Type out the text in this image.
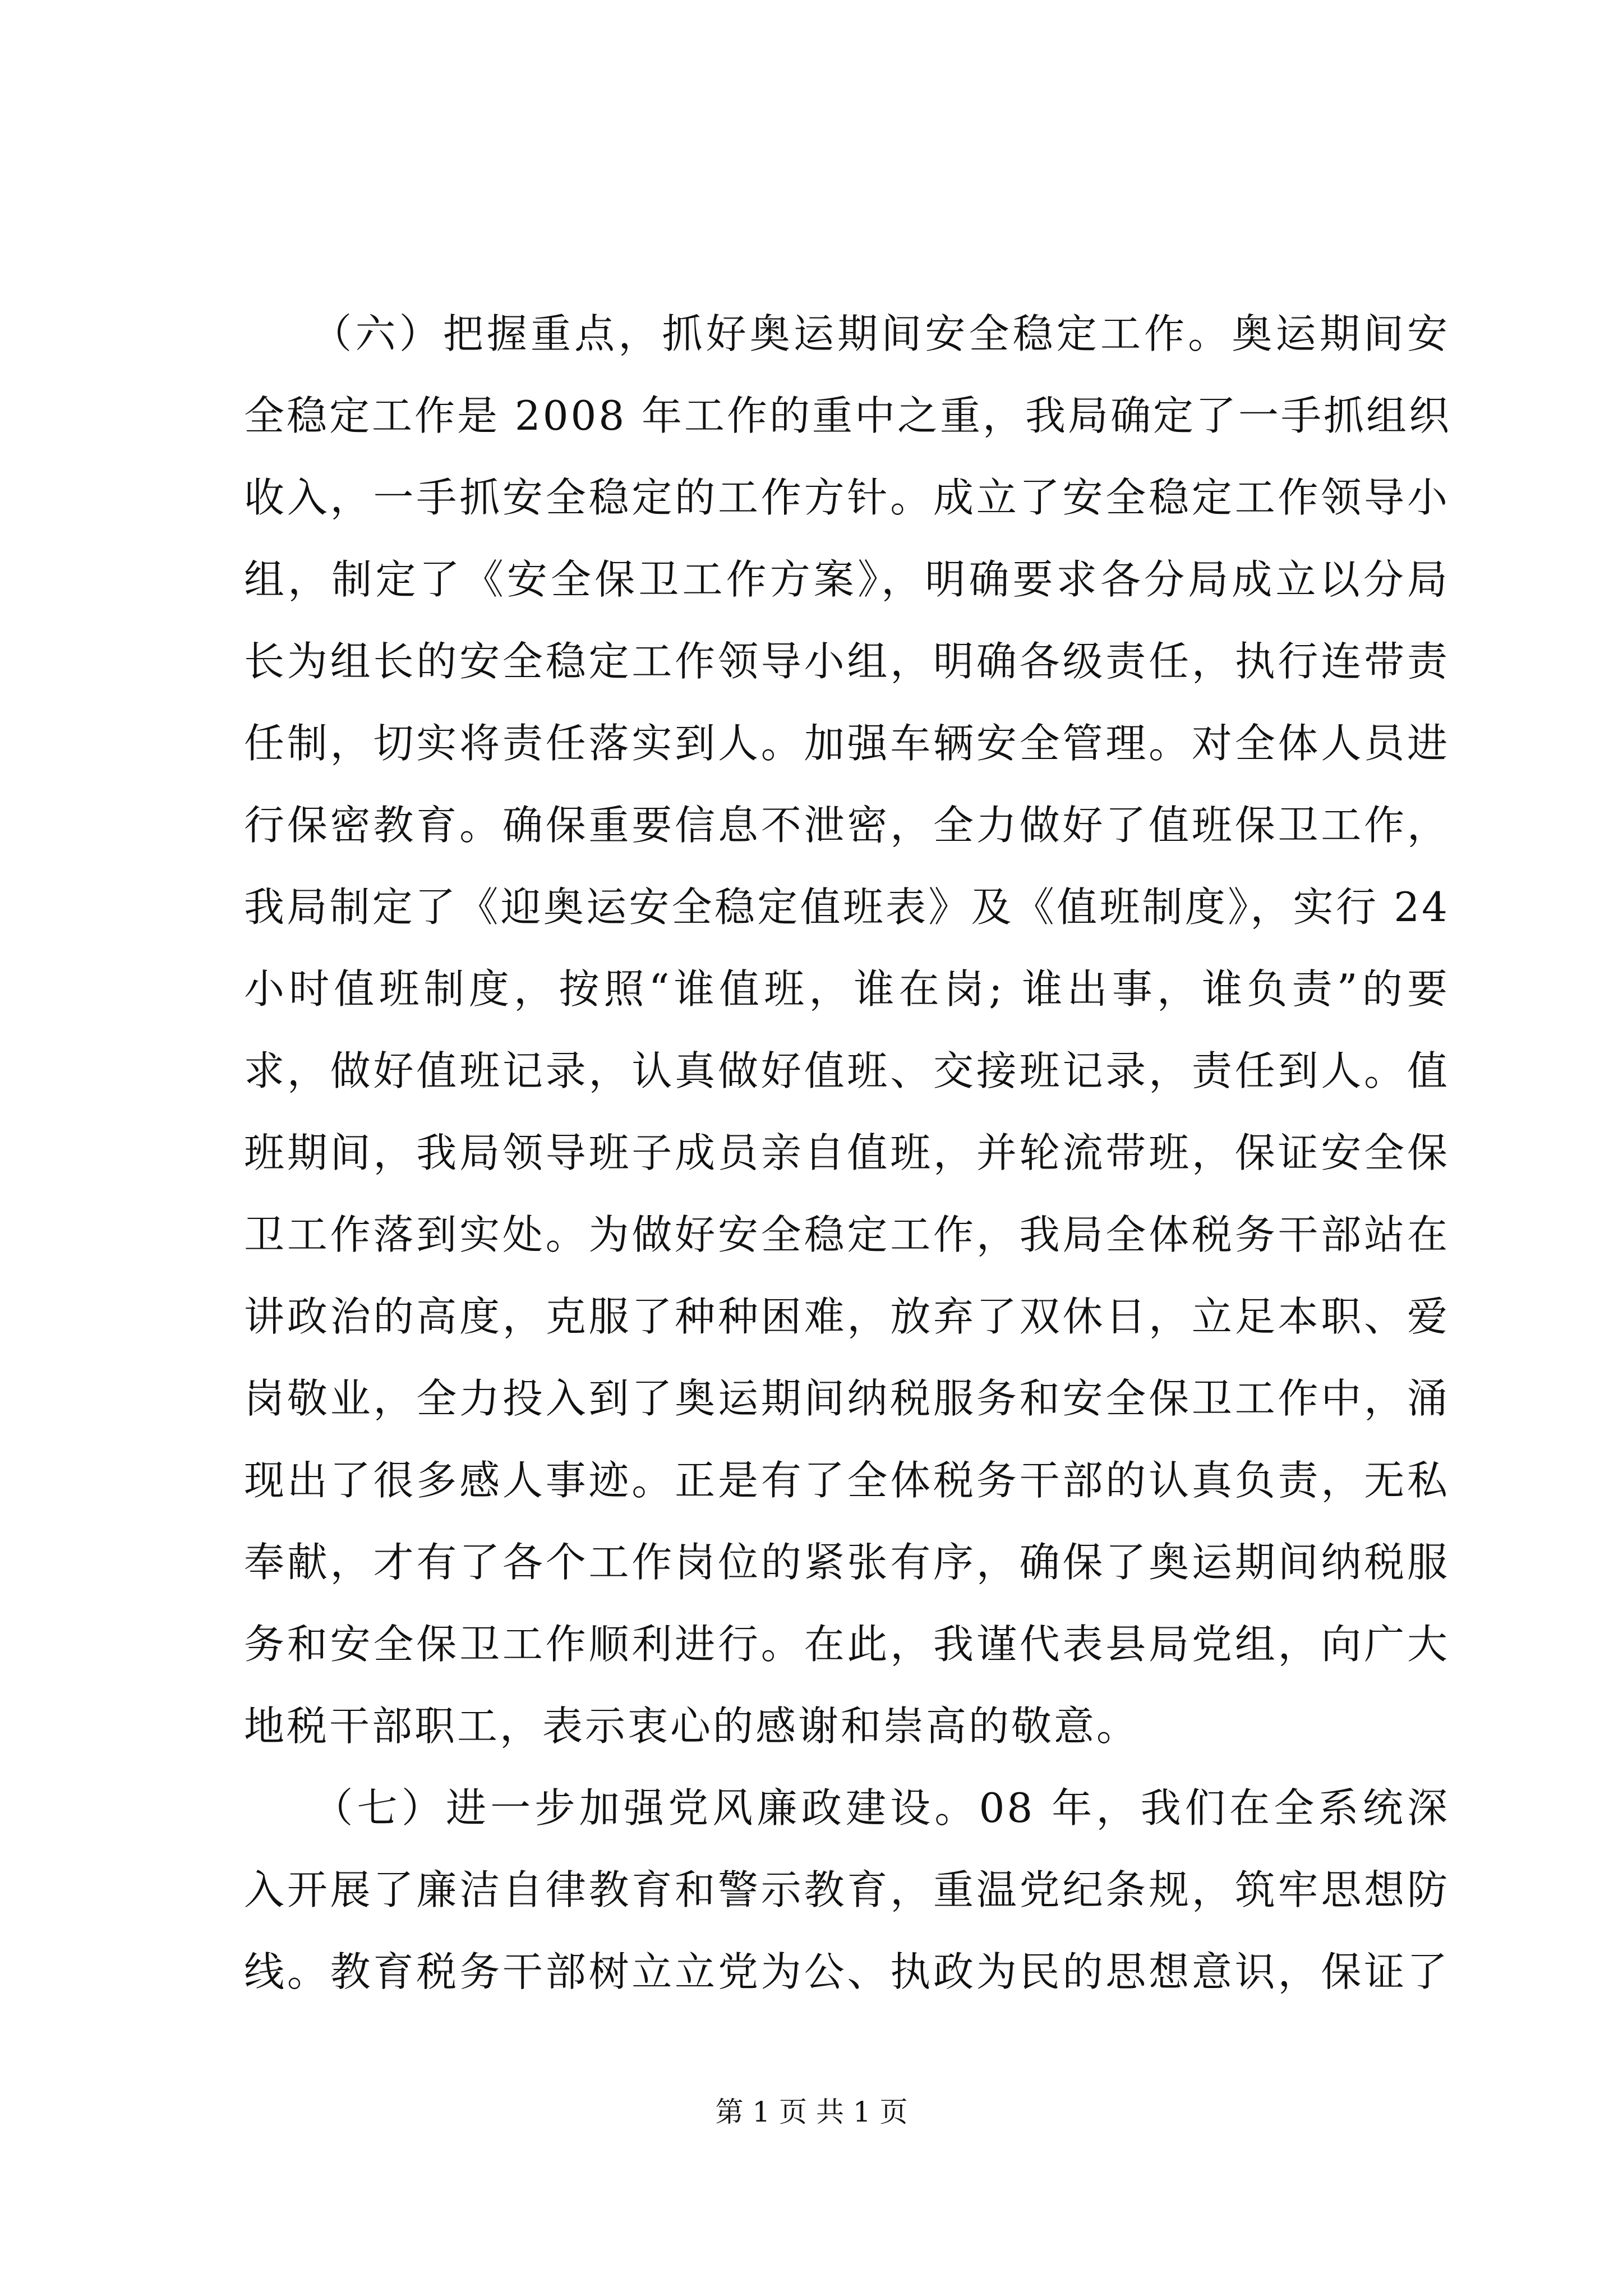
　　（六）把握重点，抓好奥运期间安全稳定工作。奥运期间安
全稳定工作是 2008 年工作的重中之重，我局确定了一手抓组织
收入，一手抓安全稳定的工作方针。成立了安全稳定工作领导小
组，制定了《安全保卫工作方案》，明确要求各分局成立以分局
长为组长的安全稳定工作领导小组，明确各级责任，执行连带责
任制，切实将责任落实到人。加强车辆安全管理。对全体人员进
行保密教育。确保重要信息不泄密，全力做好了值班保卫工作，
我局制定了《迎奥运安全稳定值班表》及《值班制度》，实行 24
小时值班制度，按照“谁值班，谁在岗; 谁出事，谁负责”的要
求，做好值班记录，认真做好值班、交接班记录，责任到人。值
班期间，我局领导班子成员亲自值班，并轮流带班，保证安全保
卫工作落到实处。为做好安全稳定工作，我局全体税务干部站在
讲政治的高度，克服了种种困难，放弃了双休日，立足本职、爱
岗敬业，全力投入到了奥运期间纳税服务和安全保卫工作中，涌
现出了很多感人事迹。正是有了全体税务干部的认真负责，无私
奉献，才有了各个工作岗位的紧张有序，确保了奥运期间纳税服
务和安全保卫工作顺利进行。在此，我谨代表县局党组，向广大
地税干部职工，表示衷心的感谢和崇高的敬意。
　　（七）进一步加强党风廉政建设。08 年，我们在全系统深
入开展了廉洁自律教育和警示教育，重温党纪条规，筑牢思想防
线。教育税务干部树立立党为公、执政为民的思想意识，保证了
第 1 页 共 1 页
